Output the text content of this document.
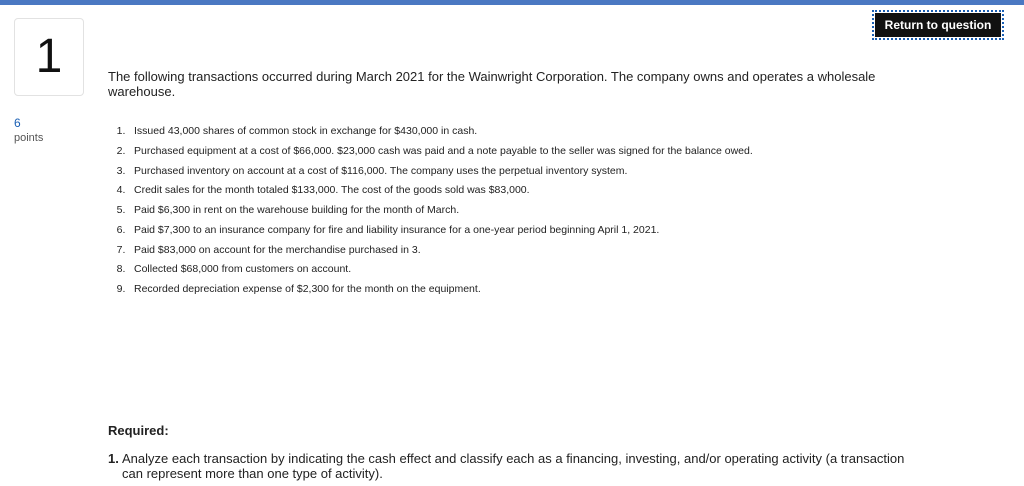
Return to question
1
6
points
The following transactions occurred during March 2021 for the Wainwright Corporation. The company owns and operates a wholesale warehouse.
1. Issued 43,000 shares of common stock in exchange for $430,000 in cash.
2. Purchased equipment at a cost of $66,000. $23,000 cash was paid and a note payable to the seller was signed for the balance owed.
3. Purchased inventory on account at a cost of $116,000. The company uses the perpetual inventory system.
4. Credit sales for the month totaled $133,000. The cost of the goods sold was $83,000.
5. Paid $6,300 in rent on the warehouse building for the month of March.
6. Paid $7,300 to an insurance company for fire and liability insurance for a one-year period beginning April 1, 2021.
7. Paid $83,000 on account for the merchandise purchased in 3.
8. Collected $68,000 from customers on account.
9. Recorded depreciation expense of $2,300 for the month on the equipment.
Required:
1. Analyze each transaction by indicating the cash effect and classify each as a financing, investing, and/or operating activity (a transaction can represent more than one type of activity).
